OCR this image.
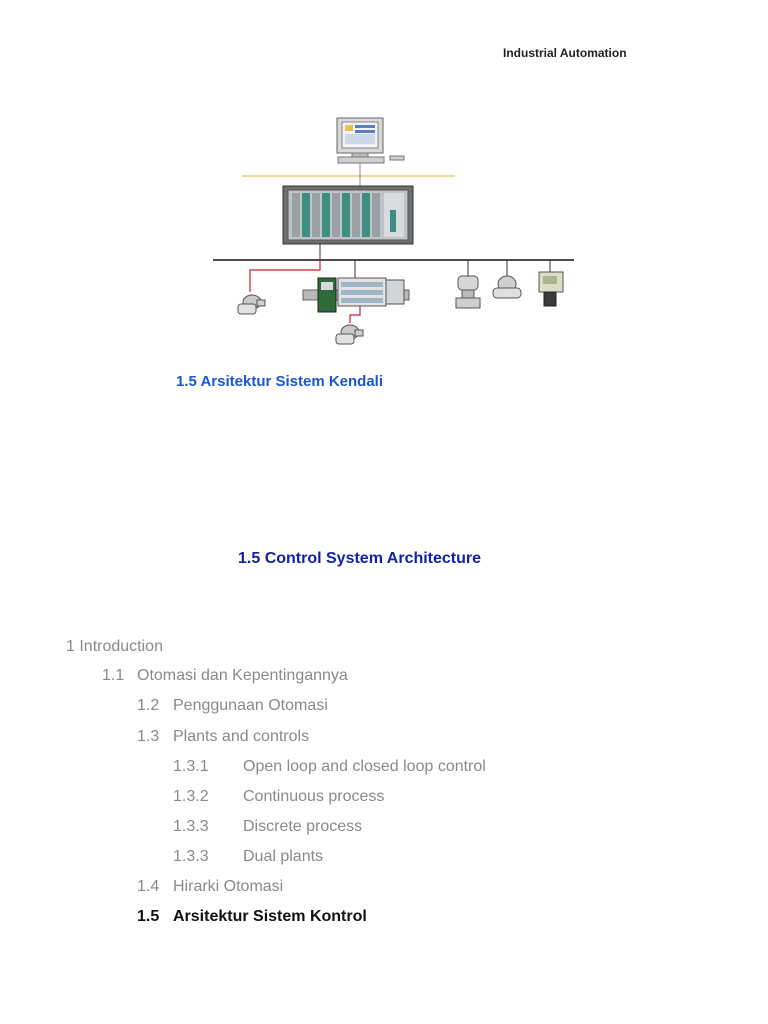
Industrial Automation
1.5 Arsitektur Sistem Kendali
1.5 Control System Architecture
1 Introduction
1.1 Otomasi dan Kepentingannya
1.2 Penggunaan Otomasi
1.3 Plants and controls
1.3.1 Open loop and closed loop control
1.3.2 Continuous process
1.3.3 Discrete process
1.3.3 Dual plants
1.4 Hirarki Otomasi
1.5 Arsitektur Sistem Kontrol
